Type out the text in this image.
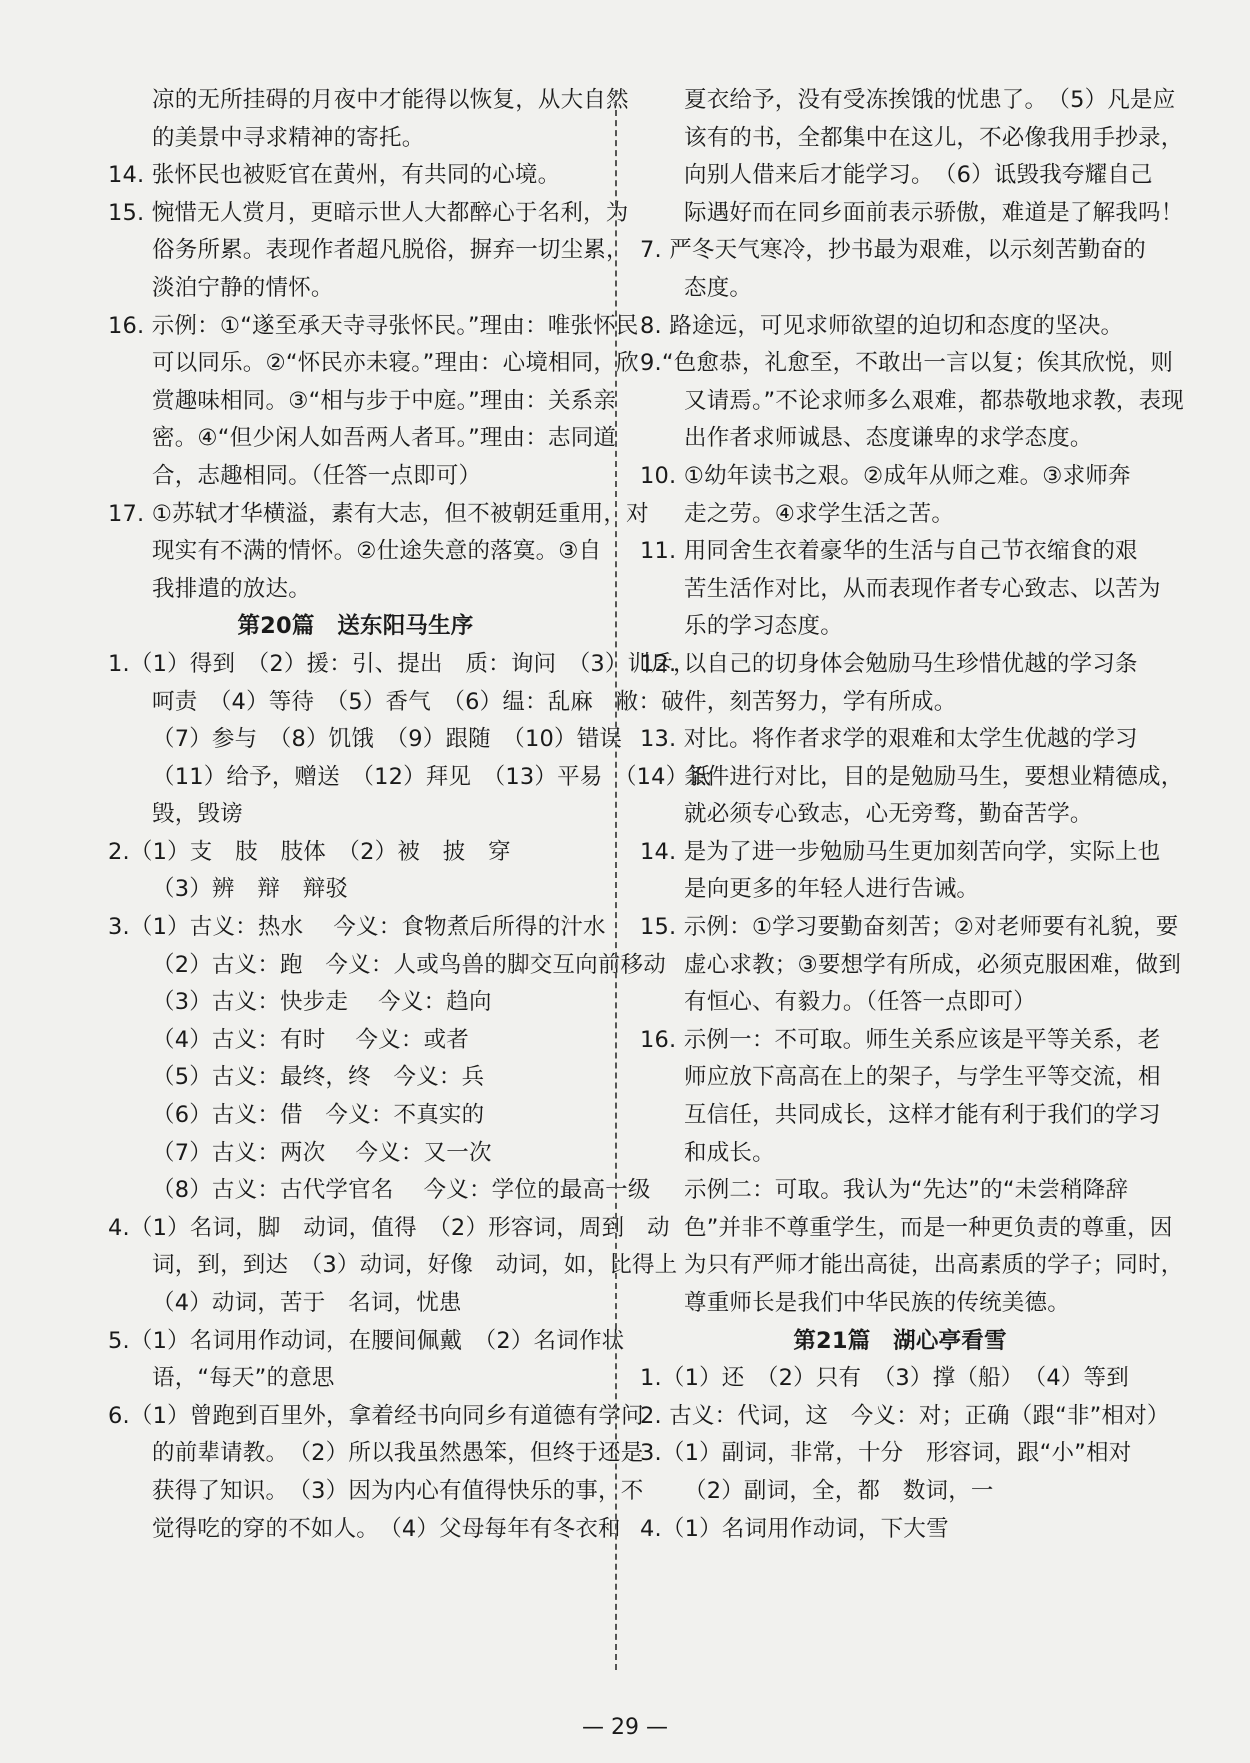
凉的无所挂碍的月夜中才能得以恢复，从大自然
的美景中寻求精神的寄托。
14. 张怀民也被贬官在黄州，有共同的心境。
15. 惋惜无人赏月，更暗示世人大都醉心于名利，为
俗务所累。表现作者超凡脱俗，摒弃一切尘累，
淡泊宁静的情怀。
16. 示例：①“遂至承天寺寻张怀民。”理由：唯张怀民
可以同乐。②“怀民亦未寝。”理由：心境相同，欣
赏趣味相同。③“相与步于中庭。”理由：关系亲
密。④“但少闲人如吾两人者耳。”理由：志同道
合，志趣相同。（任答一点即可）
17. ①苏轼才华横溢，素有大志，但不被朝廷重用，对
现实有不满的情怀。②仕途失意的落寞。③自
我排遣的放达。
第20篇　送东阳马生序
1.（1）得到　（2）援：引、提出　质：询问　（3）训斥，
呵责　（4）等待　（5）香气　（6）缊：乱麻　敝：破
（7）参与　（8）饥饿　（9）跟随　（10）错误
（11）给予，赠送　（12）拜见　（13）平易　（14）诋
毁，毁谤
2.（1）支　肢　肢体　（2）被　披　穿
（3）辨　辩　辩驳
3.（1）古义：热水　 今义：食物煮后所得的汁水
（2）古义：跑　今义：人或鸟兽的脚交互向前移动
（3）古义：快步走　 今义：趋向
（4）古义：有时　 今义：或者
（5）古义：最终，终　今义：兵
（6）古义：借　今义：不真实的
（7）古义：两次　 今义：又一次
（8）古义：古代学官名　 今义：学位的最高一级
4.（1）名词，脚　动词，值得　（2）形容词，周到　动
词，到，到达　（3）动词，好像　动词，如，比得上
（4）动词，苦于　名词，忧患
5.（1）名词用作动词，在腰间佩戴　（2）名词作状
语，“每天”的意思
6.（1）曾跑到百里外，拿着经书向同乡有道德有学问
的前辈请教。　（2）所以我虽然愚笨，但终于还是
获得了知识。　（3）因为内心有值得快乐的事，不
觉得吃的穿的不如人。　（4）父母每年有冬衣和
夏衣给予，没有受冻挨饿的忧患了。　（5）凡是应
该有的书，全都集中在这儿，不必像我用手抄录，
向别人借来后才能学习。　（6）诋毁我夸耀自己
际遇好而在同乡面前表示骄傲，难道是了解我吗！
7. 严冬天气寒冷，抄书最为艰难，以示刻苦勤奋的
态度。
8. 路途远，可见求师欲望的迫切和态度的坚决。
9.“色愈恭，礼愈至，不敢出一言以复；俟其欣悦，则
又请焉。”不论求师多么艰难，都恭敬地求教，表现
出作者求师诚恳、态度谦卑的求学态度。
10. ①幼年读书之艰。②成年从师之难。③求师奔
走之劳。④求学生活之苦。
11. 用同舍生衣着豪华的生活与自己节衣缩食的艰
苦生活作对比，从而表现作者专心致志、以苦为
乐的学习态度。
12. 以自己的切身体会勉励马生珍惜优越的学习条
件，刻苦努力，学有所成。
13. 对比。将作者求学的艰难和太学生优越的学习
条件进行对比，目的是勉励马生，要想业精德成，
就必须专心致志，心无旁骛，勤奋苦学。
14. 是为了进一步勉励马生更加刻苦向学，实际上也
是向更多的年轻人进行告诫。
15. 示例：①学习要勤奋刻苦；②对老师要有礼貌，要
虚心求教；③要想学有所成，必须克服困难，做到
有恒心、有毅力。（任答一点即可）
16. 示例一：不可取。师生关系应该是平等关系，老
师应放下高高在上的架子，与学生平等交流，相
互信任，共同成长，这样才能有利于我们的学习
和成长。
示例二：可取。我认为“先达”的“未尝稍降辞
色”并非不尊重学生，而是一种更负责的尊重，因
为只有严师才能出高徒，出高素质的学子；同时，
尊重师长是我们中华民族的传统美德。
第21篇　湖心亭看雪
1.（1）还　（2）只有　（3）撑（船）　（4）等到
2. 古义：代词，这　今义：对；正确（跟“非”相对）
3.（1）副词，非常，十分　形容词，跟“小”相对
（2）副词，全，都　数词，一
4.（1）名词用作动词，下大雪
— 29 —
